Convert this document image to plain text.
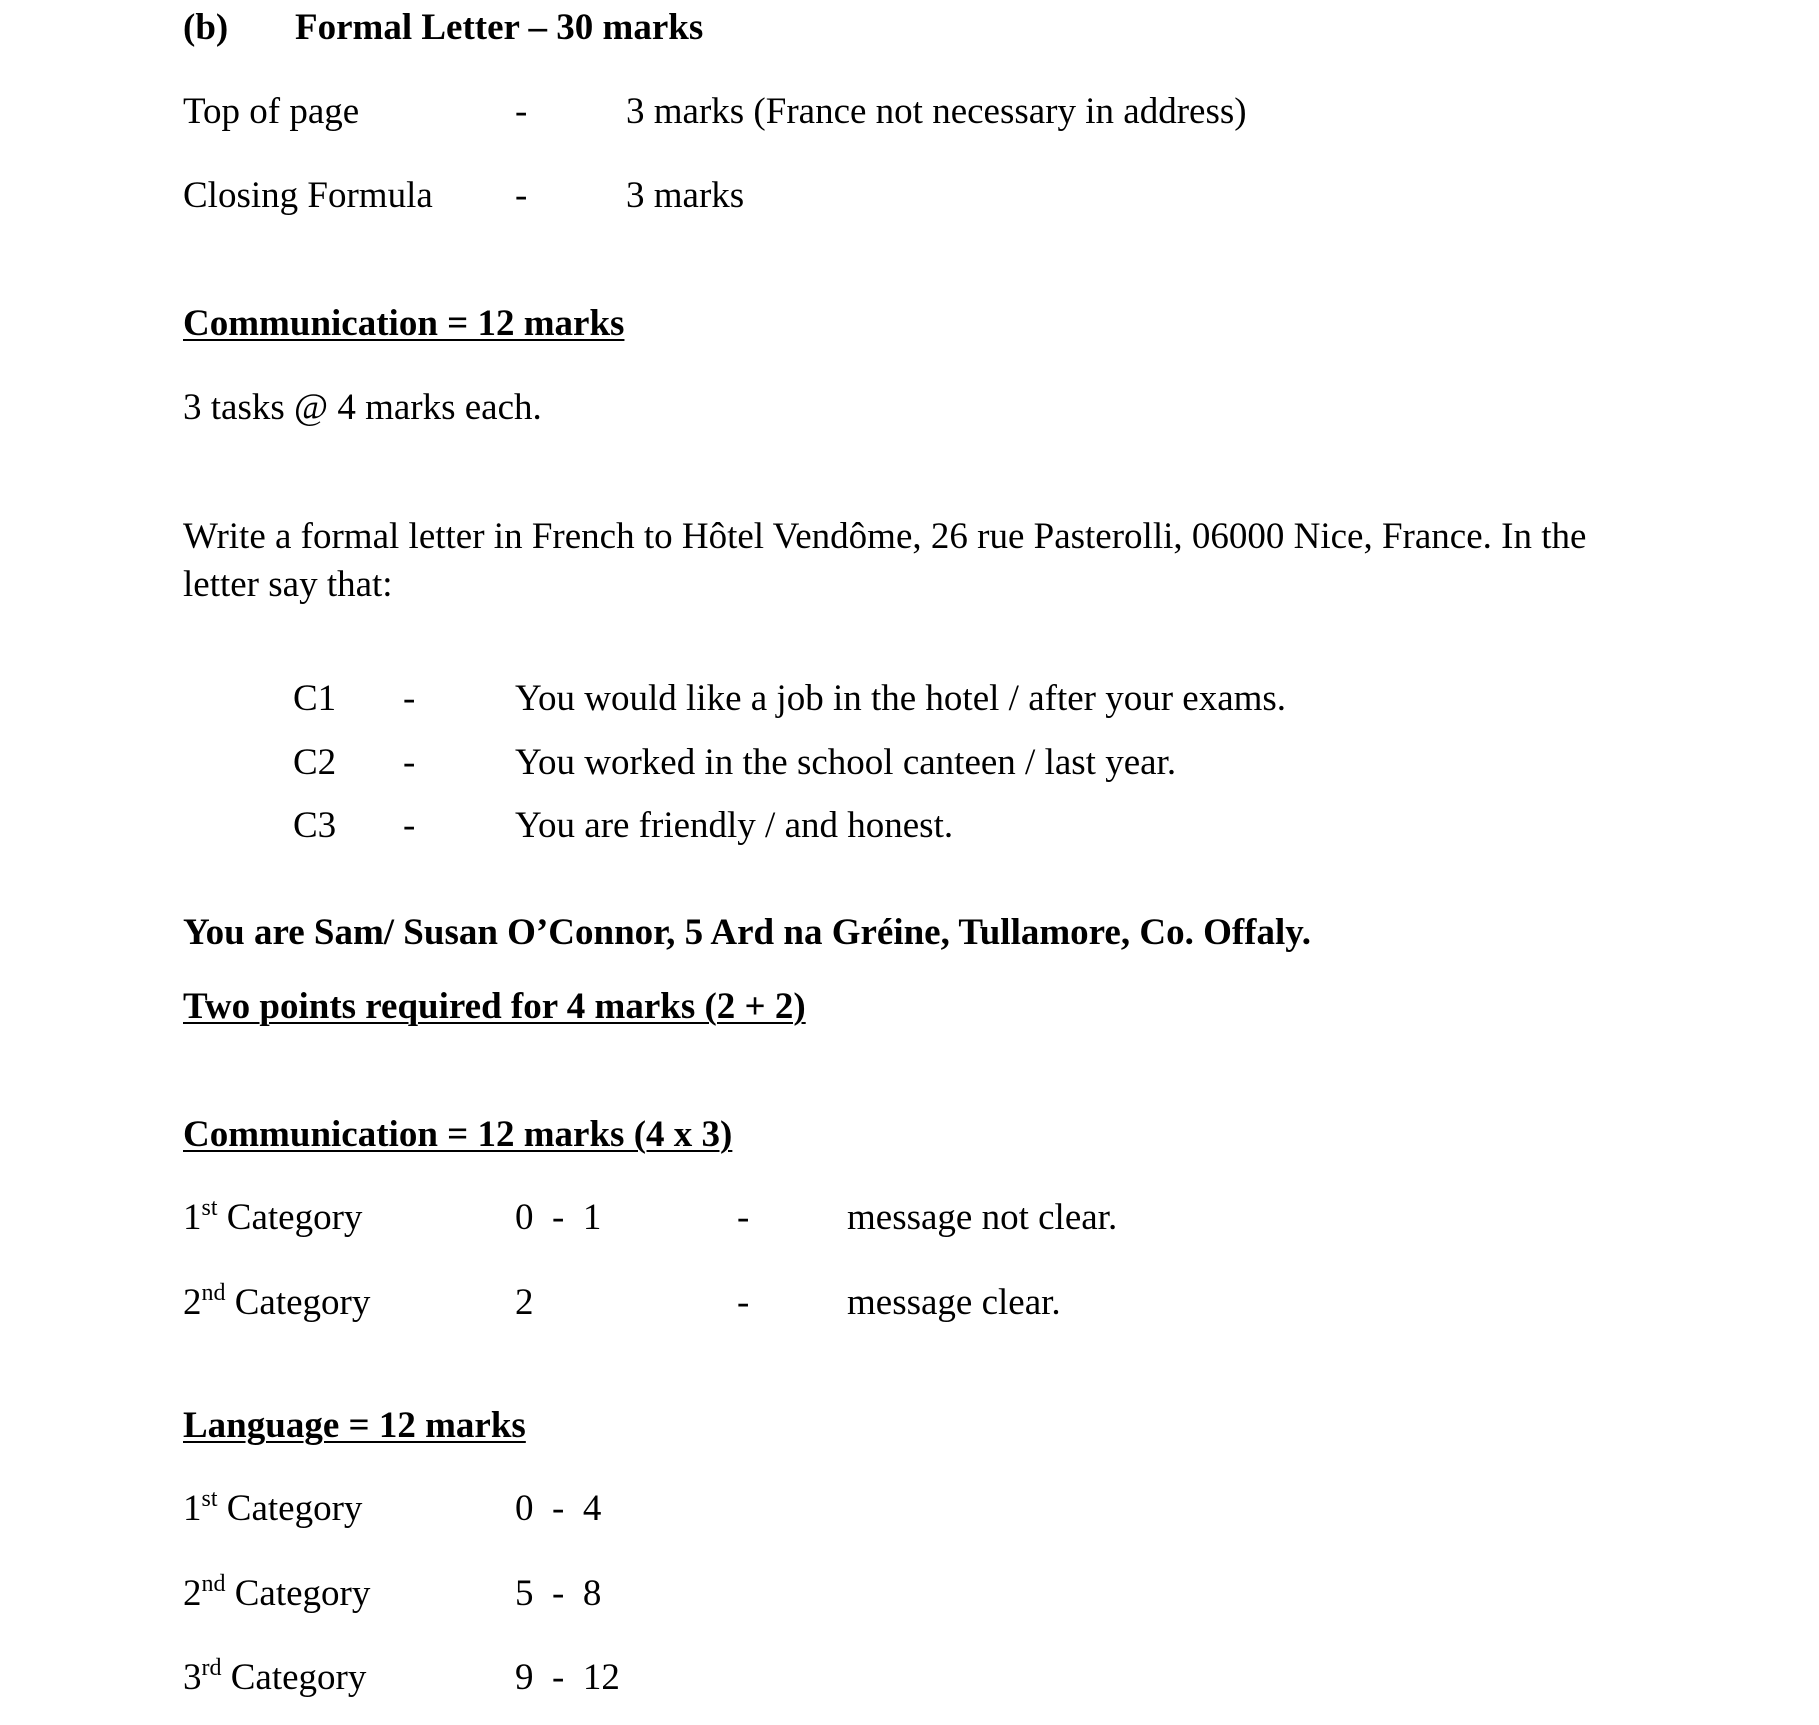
(b) Formal Letter – 30 marks
Top of page	-	3 marks (France not necessary in address)
Closing Formula -	3 marks
Communication = 12 marks
3 tasks @ 4 marks each.
Write a formal letter in French to Hôtel Vendôme, 26 rue Pasterolli, 06000 Nice, France. In the letter say that:
C1 -	You would like a job in the hotel / after your exams.
C2 -	You worked in the school canteen / last year.
C3 -	You are friendly / and honest.
You are Sam/ Susan O’Connor, 5 Ard na Gréine, Tullamore, Co. Offaly.
Two points required for 4 marks (2 + 2)
Communication = 12 marks (4 x 3)
1st Category	0  -  1	-	message not clear.
2nd Category	2	-	message clear.
Language = 12 marks
1st Category	0  -  4
2nd Category	5  -  8
3rd Category	9  -  12
